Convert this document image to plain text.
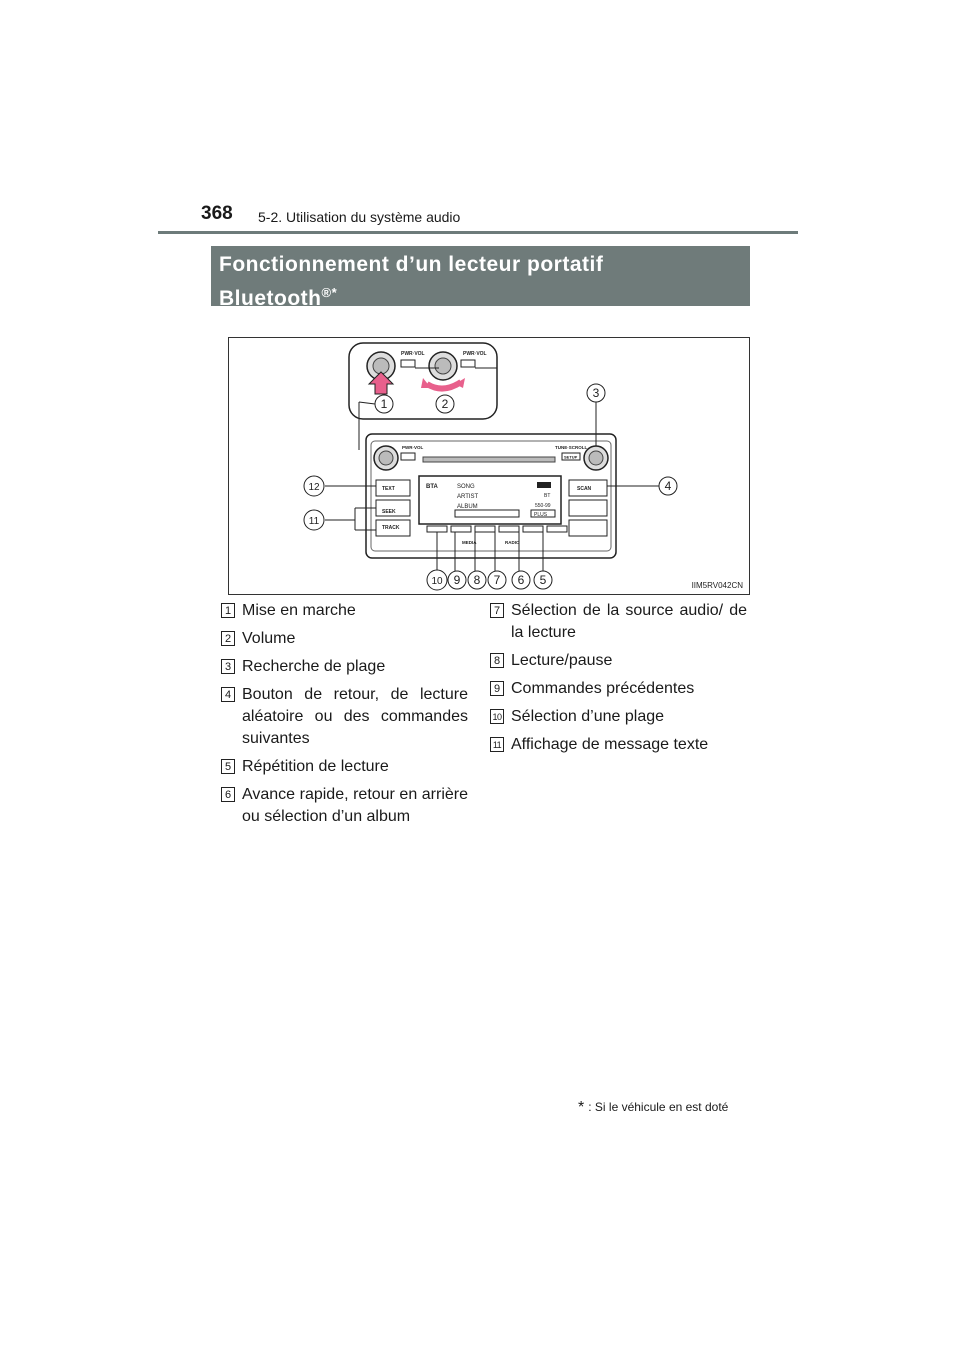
368 5-2. Utilisation du système audio
Fonctionnement d’un lecteur portatif
Bluetooth®*
PWR·VOL	PWR·VOL
1	2
PWR·VOL	TUNE·SCROLL
SETUP
TEXT
SEEK
TRACK
BTA	SONG
ARTIST
ALBUM
BT
550-99
PLUS
SCAN
MEDIA	RADIO
3
4
12
11
10 9 8 7 6 5	IIM5RV042CN
1 Mise en marche
2 Volume
3 Recherche de plage
4 Bouton de retour, de lecture aléatoire ou des commandes suivantes
5 Répétition de lecture
6 Avance rapide, retour en arrière ou sélection d’un album
7 Sélection de la source audio/ de la lecture
8 Lecture/pause
9 Commandes précédentes
10 Sélection d’une plage
11 Affichage de message texte
* : Si le véhicule en est doté
